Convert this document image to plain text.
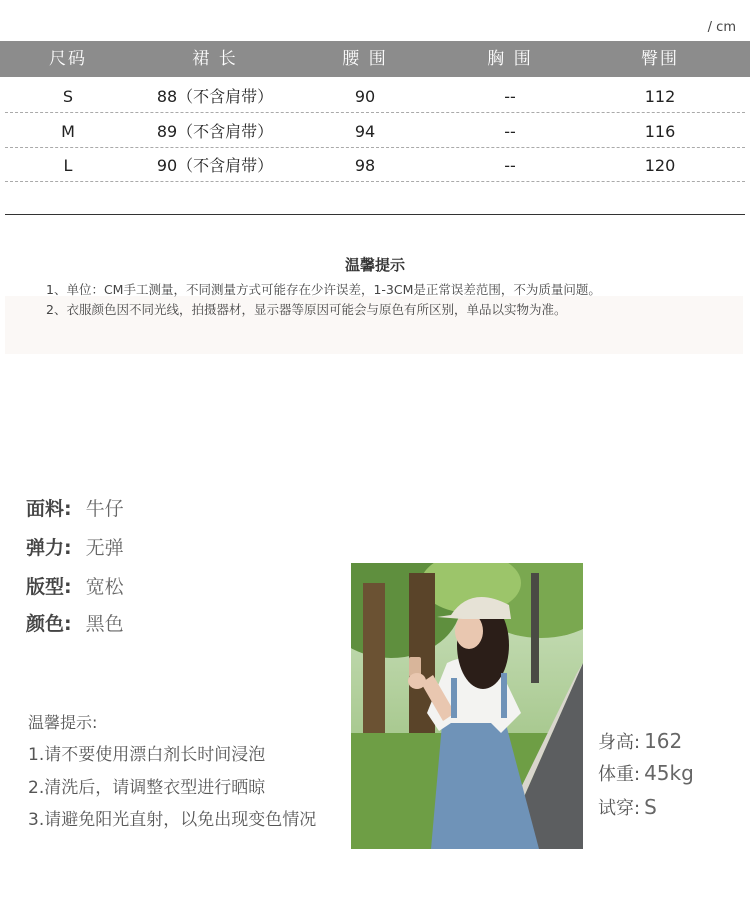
/ cm
尺码	裙 长	腰 围	胸 围	臀围
S	88（不含肩带）	90	--	112
M	89（不含肩带）	94	--	116
L	90（不含肩带）	98	--	120
温馨提示
1、单位：CM手工测量，不同测量方式可能存在少许误差，1-3CM是正常误差范围，不为质量问题。
2、衣服颜色因不同光线，拍摄器材，显示器等原因可能会与原色有所区别，单品以实物为准。
面料: 牛仔
弹力: 无弹
版型: 宽松
颜色: 黑色
温馨提示:
1.请不要使用漂白剂长时间浸泡
2.清洗后，请调整衣型进行晒晾
3.请避免阳光直射，以免出现变色情况
身高: 162
体重: 45kg
试穿: S
